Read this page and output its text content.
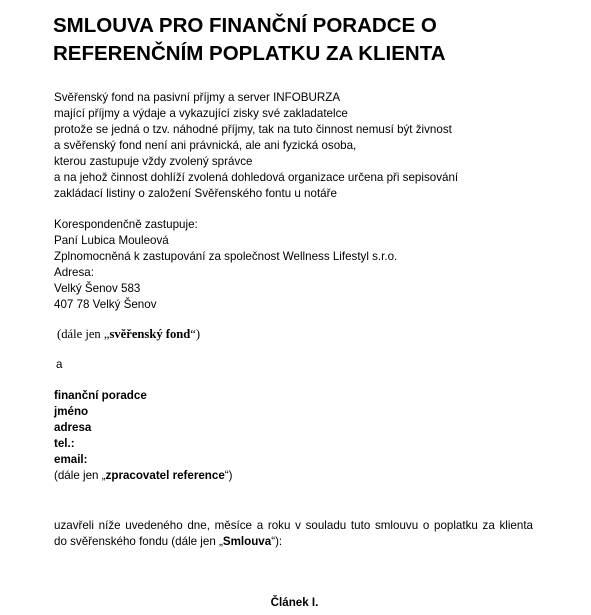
SMLOUVA PRO FINANČNÍ PORADCE O
REFERENČNÍM POPLATKU ZA KLIENTA
Svěřenský fond na pasivní příjmy a server INFOBURZA
mající příjmy a výdaje a vykazující zisky své zakladatelce
protože se jedná o tzv. náhodné příjmy, tak na tuto činnost nemusí být živnost
a svěřenský fond není ani právnická, ale ani fyzická osoba,
kterou zastupuje vždy zvolený správce
a na jehož činnost dohlíží zvolená dohledová organizace určena při sepisování
zakládací listiny o založení Svěřenského fontu u notáře
Korespondenčně zastupuje:
Paní Lubica Mouleová
Zplnomocněná k zastupování za společnost Wellness Lifestyl s.r.o.
Adresa:
Velký Šenov 583
407 78 Velký Šenov
(dále jen „svěřenský fond“)
a
finanční poradce
jméno
adresa
tel.:
email:
(dále jen „zpracovatel reference“)
uzavřeli níže uvedeného dne, měsíce a roku v souladu tuto smlouvu o poplatku za klienta
do svěřenského fondu (dále jen „Smlouva“):
Článek I.
